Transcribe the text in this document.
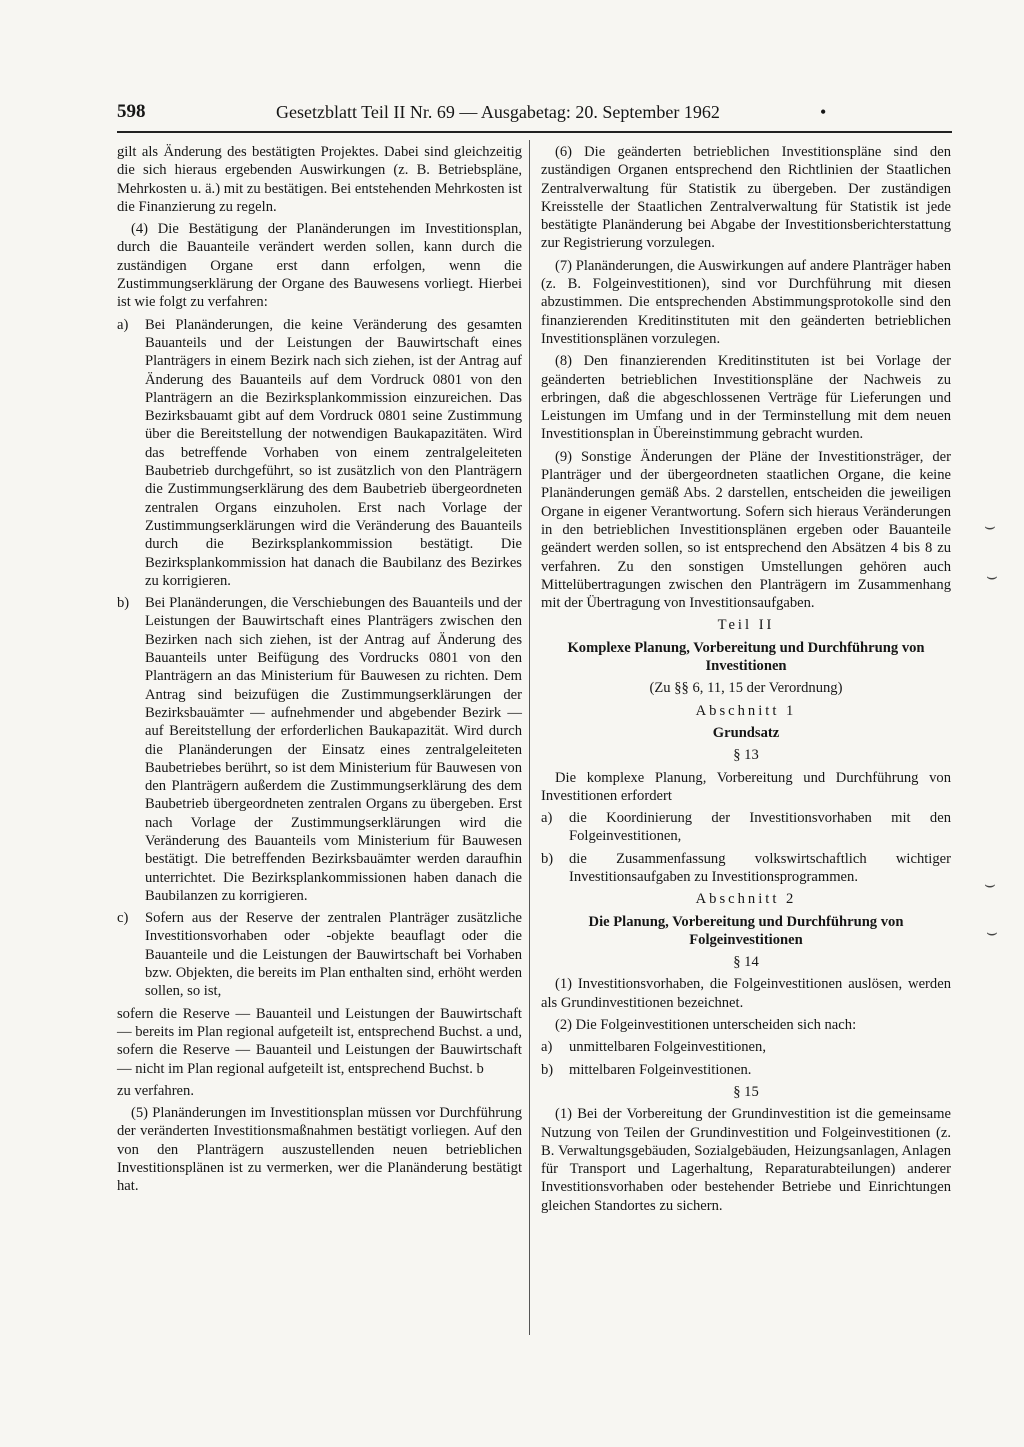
598	Gesetzblatt Teil II Nr. 69 — Ausgabetag: 20. September 1962	•

gilt als Änderung des bestätigten Projektes. Dabei sind gleichzeitig die sich hieraus ergebenden Auswirkungen (z. B. Betriebspläne, Mehrkosten u. ä.) mit zu bestätigen. Bei entstehenden Mehrkosten ist die Finanzierung zu regeln.

(4) Die Bestätigung der Planänderungen im Investitionsplan, durch die Bauanteile verändert werden sollen, kann durch die zuständigen Organe erst dann erfolgen, wenn die Zustimmungserklärung der Organe des Bauwesens vorliegt. Hierbei ist wie folgt zu verfahren:

a)	Bei Planänderungen, die keine Veränderung des gesamten Bauanteils und der Leistungen der Bauwirtschaft eines Planträgers in einem Bezirk nach sich ziehen, ist der Antrag auf Änderung des Bauanteils auf dem Vordruck 0801 von den Planträgern an die Bezirksplankommission einzureichen. Das Bezirksbauamt gibt auf dem Vordruck 0801 seine Zustimmung über die Bereitstellung der notwendigen Baukapazitäten. Wird das betreffende Vorhaben von einem zentralgeleiteten Baubetrieb durchgeführt, so ist zusätzlich von den Planträgern die Zustimmungserklärung des dem Baubetrieb übergeordneten zentralen Organs einzuholen. Erst nach Vorlage der Zustimmungserklärungen wird die Veränderung des Bauanteils durch die Bezirksplankommission bestätigt. Die Bezirksplankommission hat danach die Baubilanz des Bezirkes zu korrigieren.
b)	Bei Planänderungen, die Verschiebungen des Bauanteils und der Leistungen der Bauwirtschaft eines Planträgers zwischen den Bezirken nach sich ziehen, ist der Antrag auf Änderung des Bauanteils unter Beifügung des Vordrucks 0801 von den Planträgern an das Ministerium für Bauwesen zu richten. Dem Antrag sind beizufügen die Zustimmungserklärungen der Bezirksbauämter — aufnehmender und abgebender Bezirk — auf Bereitstellung der erforderlichen Baukapazität. Wird durch die Planänderungen der Einsatz eines zentralgeleiteten Baubetriebes berührt, so ist dem Ministerium für Bauwesen von den Planträgern außerdem die Zustimmungserklärung des dem Baubetrieb übergeordneten zentralen Organs zu übergeben. Erst nach Vorlage der Zustimmungserklärungen wird die Veränderung des Bauanteils vom Ministerium für Bauwesen bestätigt. Die betreffenden Bezirksbauämter werden daraufhin unterrichtet. Die Bezirksplankommissionen haben danach die Baubilanzen zu korrigieren.
c)	Sofern aus der Reserve der zentralen Planträger zusätzliche Investitionsvorhaben oder -objekte beauflagt oder die Bauanteile und die Leistungen der Bauwirtschaft bei Vorhaben bzw. Objekten, die bereits im Plan enthalten sind, erhöht werden sollen, so ist,

sofern die Reserve — Bauanteil und Leistungen der Bauwirtschaft — bereits im Plan regional aufgeteilt ist, entsprechend Buchst. a und, sofern die Reserve — Bauanteil und Leistungen der Bauwirtschaft — nicht im Plan regional aufgeteilt ist, entsprechend Buchst. b

zu verfahren.

(5) Planänderungen im Investitionsplan müssen vor Durchführung der veränderten Investitionsmaßnahmen bestätigt vorliegen. Auf den von den Planträgern auszustellenden neuen betrieblichen Investitionsplänen ist zu vermerken, wer die Planänderung bestätigt hat.

(6) Die geänderten betrieblichen Investitionspläne sind den zuständigen Organen entsprechend den Richtlinien der Staatlichen Zentralverwaltung für Statistik zu übergeben. Der zuständigen Kreisstelle der Staatlichen Zentralverwaltung für Statistik ist jede bestätigte Planänderung bei Abgabe der Investitionsberichterstattung zur Registrierung vorzulegen.

(7) Planänderungen, die Auswirkungen auf andere Planträger haben (z. B. Folgeinvestitionen), sind vor Durchführung mit diesen abzustimmen. Die entsprechenden Abstimmungsprotokolle sind den finanzierenden Kreditinstituten mit den geänderten betrieblichen Investitionsplänen vorzulegen.

(8) Den finanzierenden Kreditinstituten ist bei Vorlage der geänderten betrieblichen Investitionspläne der Nachweis zu erbringen, daß die abgeschlossenen Verträge für Lieferungen und Leistungen im Umfang und in der Terminstellung mit dem neuen Investitionsplan in Übereinstimmung gebracht wurden.

(9) Sonstige Änderungen der Pläne der Investitionsträger, der Planträger und der übergeordneten staatlichen Organe, die keine Planänderungen gemäß Abs. 2 darstellen, entscheiden die jeweiligen Organe in eigener Verantwortung. Sofern sich hieraus Veränderungen in den betrieblichen Investitionsplänen ergeben oder Bauanteile geändert werden sollen, so ist entsprechend den Absätzen 4 bis 8 zu verfahren. Zu den sonstigen Umstellungen gehören auch Mittelübertragungen zwischen den Planträgern im Zusammenhang mit der Übertragung von Investitionsaufgaben.

Teil II

Komplexe Planung, Vorbereitung und Durchführung von Investitionen

(Zu §§ 6, 11, 15 der Verordnung)

Abschnitt 1

Grundsatz

§ 13

Die komplexe Planung, Vorbereitung und Durchführung von Investitionen erfordert

a)	die Koordinierung der Investitionsvorhaben mit den Folgeinvestitionen,
b)	die Zusammenfassung volkswirtschaftlich wichtiger Investitionsaufgaben zu Investitionsprogrammen.

Abschnitt 2

Die Planung, Vorbereitung und Durchführung von Folgeinvestitionen

§ 14

(1) Investitionsvorhaben, die Folgeinvestitionen auslösen, werden als Grundinvestitionen bezeichnet.

(2) Die Folgeinvestitionen unterscheiden sich nach:

a)	unmittelbaren Folgeinvestitionen,
b)	mittelbaren Folgeinvestitionen.

§ 15

(1) Bei der Vorbereitung der Grundinvestition ist die gemeinsame Nutzung von Teilen der Grundinvestition und Folgeinvestitionen (z. B. Verwaltungsgebäuden, Sozialgebäuden, Heizungsanlagen, Anlagen für Transport und Lagerhaltung, Reparaturabteilungen) anderer Investitionsvorhaben oder bestehender Betriebe und Einrichtungen gleichen Standortes zu sichern.

⌣
⌣
⌣
⌣
